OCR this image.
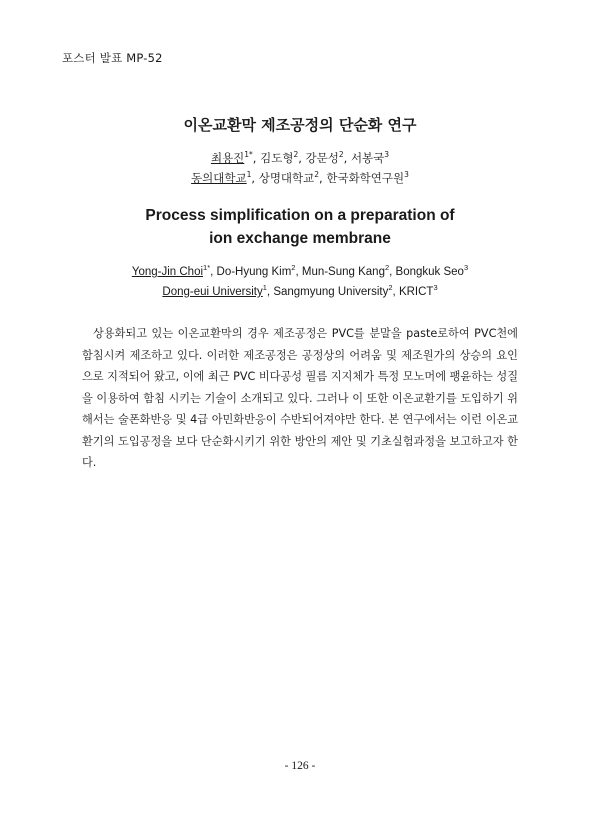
포스터 발표 MP-52
이온교환막 제조공정의 단순화 연구
최용진$^{1*}$, 김도형$^2$, 강문성$^2$, 서봉국$^3$
동의대학교$^1$, 상명대학교$^2$, 한국화학연구원$^3$
Process simplification on a preparation of
ion exchange membrane
Yong-Jin Choi$^{1*}$, Do-Hyung Kim$^2$, Mun-Sung Kang$^2$, Bongkuk Seo$^3$
Dong-eui University$^1$, Sangmyung University$^2$, KRICT$^3$

상용화되고 있는 이온교환막의 경우 제조공정은 PVC를 분말을 paste로하여 PVC천에 함침시켜 제조하고 있다. 이러한 제조공정은 공정상의 어려움 및 제조원가의 상승의 요인으로 지적되어 왔고, 이에 최근 PVC 비다공성 필름 지지체가 특정 모노머에 팽윤하는 성질을 이용하여 함침 시키는 기술이 소개되고 있다. 그러나 이 또한 이온교환기를 도입하기 위해서는 술폰화반응 및 4급 아민화반응이 수반되어져야만 한다. 본 연구에서는 이런 이온교환기의 도입공정을 보다 단순화시키기 위한 방안의 제안 및 기초실험과정을 보고하고자 한다.

- 126 -
